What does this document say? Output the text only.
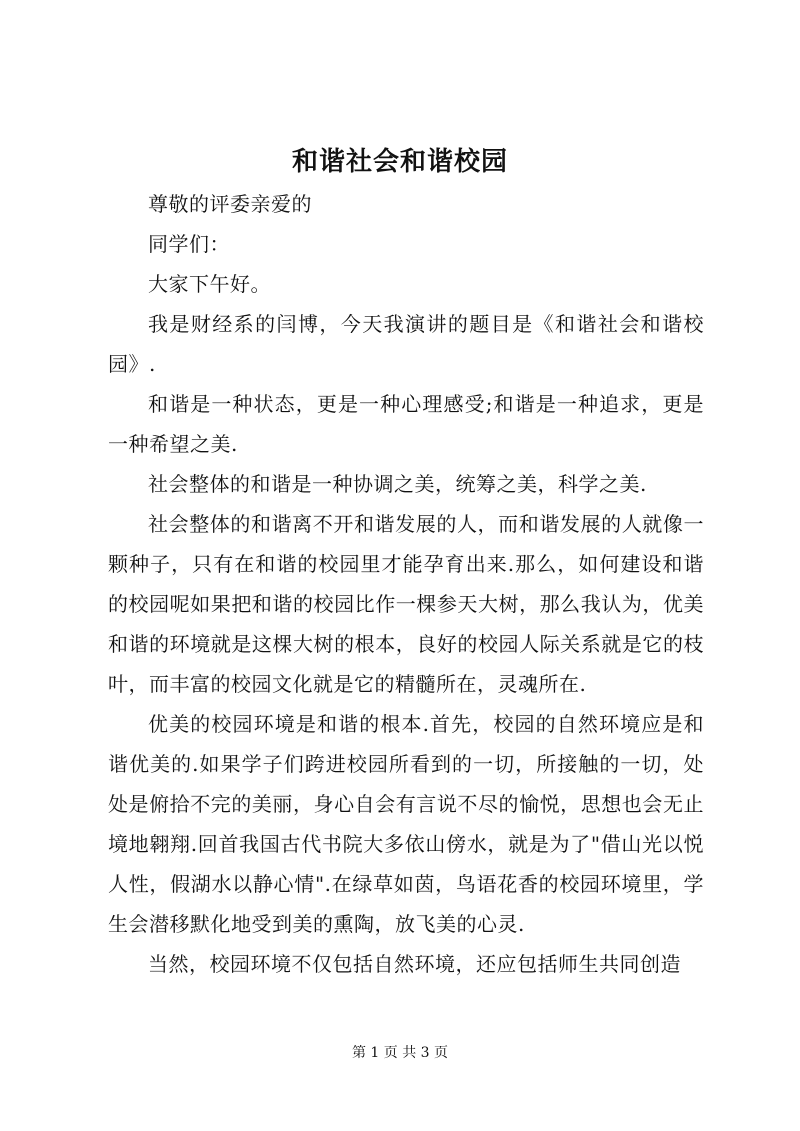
和谐社会和谐校园

尊敬的评委亲爱的

同学们：

大家下午好。

我是财经系的闫博，今天我演讲的题目是《和谐社会和谐校园》.

和谐是一种状态，更是一种心理感受;和谐是一种追求，更是一种希望之美.

社会整体的和谐是一种协调之美，统筹之美，科学之美.

社会整体的和谐离不开和谐发展的人，而和谐发展的人就像一颗种子，只有在和谐的校园里才能孕育出来.那么，如何建设和谐的校园呢如果把和谐的校园比作一棵参天大树，那么我认为，优美和谐的环境就是这棵大树的根本，良好的校园人际关系就是它的枝叶，而丰富的校园文化就是它的精髓所在，灵魂所在.

优美的校园环境是和谐的根本.首先，校园的自然环境应是和谐优美的.如果学子们跨进校园所看到的一切，所接触的一切，处处是俯拾不完的美丽，身心自会有言说不尽的愉悦，思想也会无止境地翱翔.回首我国古代书院大多依山傍水，就是为了"借山光以悦人性，假湖水以静心情".在绿草如茵，鸟语花香的校园环境里，学生会潜移默化地受到美的熏陶，放飞美的心灵.

当然，校园环境不仅包括自然环境，还应包括师生共同创造

第 1 页 共 3 页
